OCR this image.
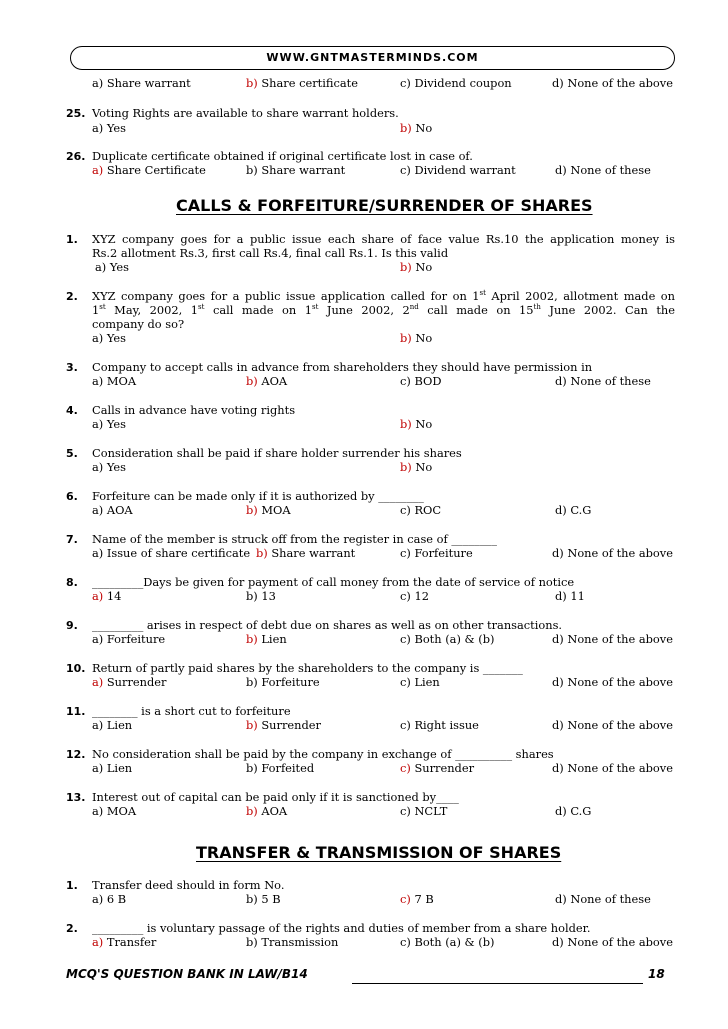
WWW.GNTMASTERMINDS.COM
a) Share warrant	b) Share certificate	c) Dividend coupon	d) None of the above
25. Voting Rights are available to share warrant holders.
a) Yes	b) No
26. Duplicate certificate obtained if original certificate lost in case of.
a) Share Certificate	b) Share warrant	c) Dividend warrant	d) None of these
CALLS & FORFEITURE/SURRENDER OF SHARES
1. XYZ company goes for a public issue each share of face value Rs.10 the application money is
Rs.2 allotment Rs.3, first call Rs.4, final call Rs.1. Is this valid
a) Yes	b) No
2. XYZ company goes for a public issue application called for on 1st April 2002, allotment made on
1st May, 2002, 1st call made on 1st June 2002, 2nd call made on 15th June 2002. Can the
company do so?
a) Yes	b) No
3. Company to accept calls in advance from shareholders they should have permission in
a) MOA	b) AOA	c) BOD	d) None of these
4. Calls in advance have voting rights
a) Yes	b) No
5. Consideration shall be paid if share holder surrender his shares
a) Yes	b) No
6. Forfeiture can be made only if it is authorized by ________
a) AOA	b) MOA	c) ROC	d) C.G
7. Name of the member is struck off from the register in case of ________
a) Issue of share certificate b) Share warrant	c) Forfeiture	d) None of the above
8. _________Days be given for payment of call money from the date of service of notice
a) 14	b) 13	c) 12	d) 11
9. _________ arises in respect of debt due on shares as well as on other transactions.
a) Forfeiture	b) Lien	c) Both (a) & (b)	d) None of the above
10. Return of partly paid shares by the shareholders to the company is _______
a) Surrender	b) Forfeiture	c) Lien	d) None of the above
11. ________ is a short cut to forfeiture
a) Lien	b) Surrender	c) Right issue	d) None of the above
12. No consideration shall be paid by the company in exchange of __________ shares
a) Lien	b) Forfeited	c) Surrender	d) None of the above
13. Interest out of capital can be paid only if it is sanctioned by____
a) MOA	b) AOA	c) NCLT	d) C.G
TRANSFER & TRANSMISSION OF SHARES
1. Transfer deed should in form No.
a) 6 B	b) 5 B	c) 7 B	d) None of these
2. _________ is voluntary passage of the rights and duties of member from a share holder.
a) Transfer	b) Transmission	c) Both (a) & (b)	d) None of the above
MCQ'S QUESTION BANK IN LAW/B14	18
